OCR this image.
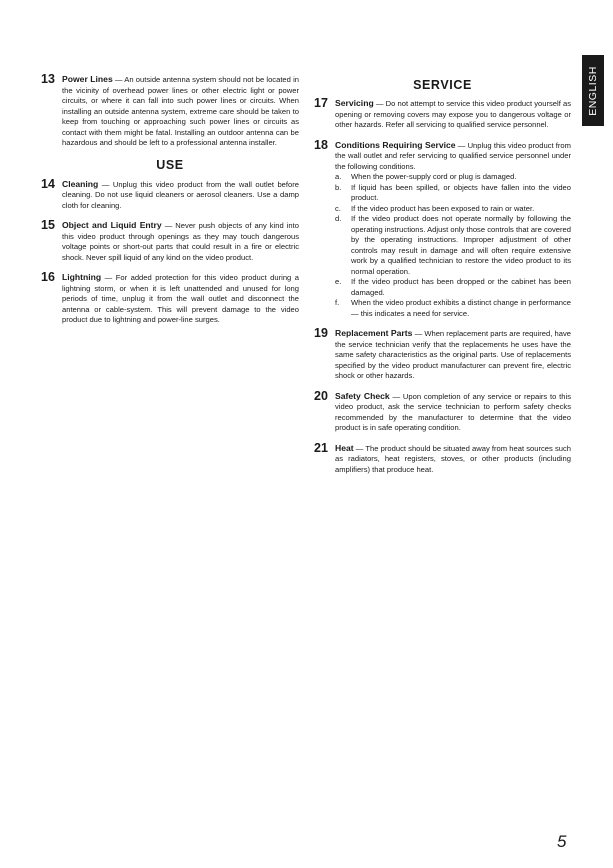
ENGLISH
13 Power Lines — An outside antenna system should not be located in the vicinity of overhead power lines or other electric light or power circuits, or where it can fall into such power lines or circuits. When installing an outside antenna system, extreme care should be taken to keep from touching or approaching such power lines or circuits as contact with them might be fatal. Installing an outdoor antenna can be hazardous and should be left to a professional antenna installer.
USE
14 Cleaning — Unplug this video product from the wall outlet before cleaning. Do not use liquid cleaners or aerosol cleaners. Use a damp cloth for cleaning.
15 Object and Liquid Entry — Never push objects of any kind into this video product through openings as they may touch dangerous voltage points or short-out parts that could result in a fire or electric shock. Never spill liquid of any kind on the video product.
16 Lightning — For added protection for this video product during a lightning storm, or when it is left unattended and unused for long periods of time, unplug it from the wall outlet and disconnect the antenna or cable-system. This will prevent damage to the video product due to lightning and power-line surges.
SERVICE
17 Servicing — Do not attempt to service this video product yourself as opening or removing covers may expose you to dangerous voltage or other hazards. Refer all servicing to qualified service personnel.
18 Conditions Requiring Service — Unplug this video product from the wall outlet and refer servicing to qualified service personnel under the following conditions.
a. When the power-supply cord or plug is damaged.
b. If liquid has been spilled, or objects have fallen into the video product.
c. If the video product has been exposed to rain or water.
d. If the video product does not operate normally by following the operating instructions. Adjust only those controls that are covered by the operating instructions. Improper adjustment of other controls may result in damage and will often require extensive work by a qualified technician to restore the video product to its normal operation.
e. If the video product has been dropped or the cabinet has been damaged.
f. When the video product exhibits a distinct change in performance — this indicates a need for service.
19 Replacement Parts — When replacement parts are required, have the service technician verify that the replacements he uses have the same safety characteristics as the original parts. Use of replacements specified by the video product manufacturer can prevent fire, electric shock or other hazards.
20 Safety Check — Upon completion of any service or repairs to this video product, ask the service technician to perform safety checks recommended by the manufacturer to determine that the video product is in safe operating condition.
21 Heat — The product should be situated away from heat sources such as radiators, heat registers, stoves, or other products (including amplifiers) that produce heat.
5
